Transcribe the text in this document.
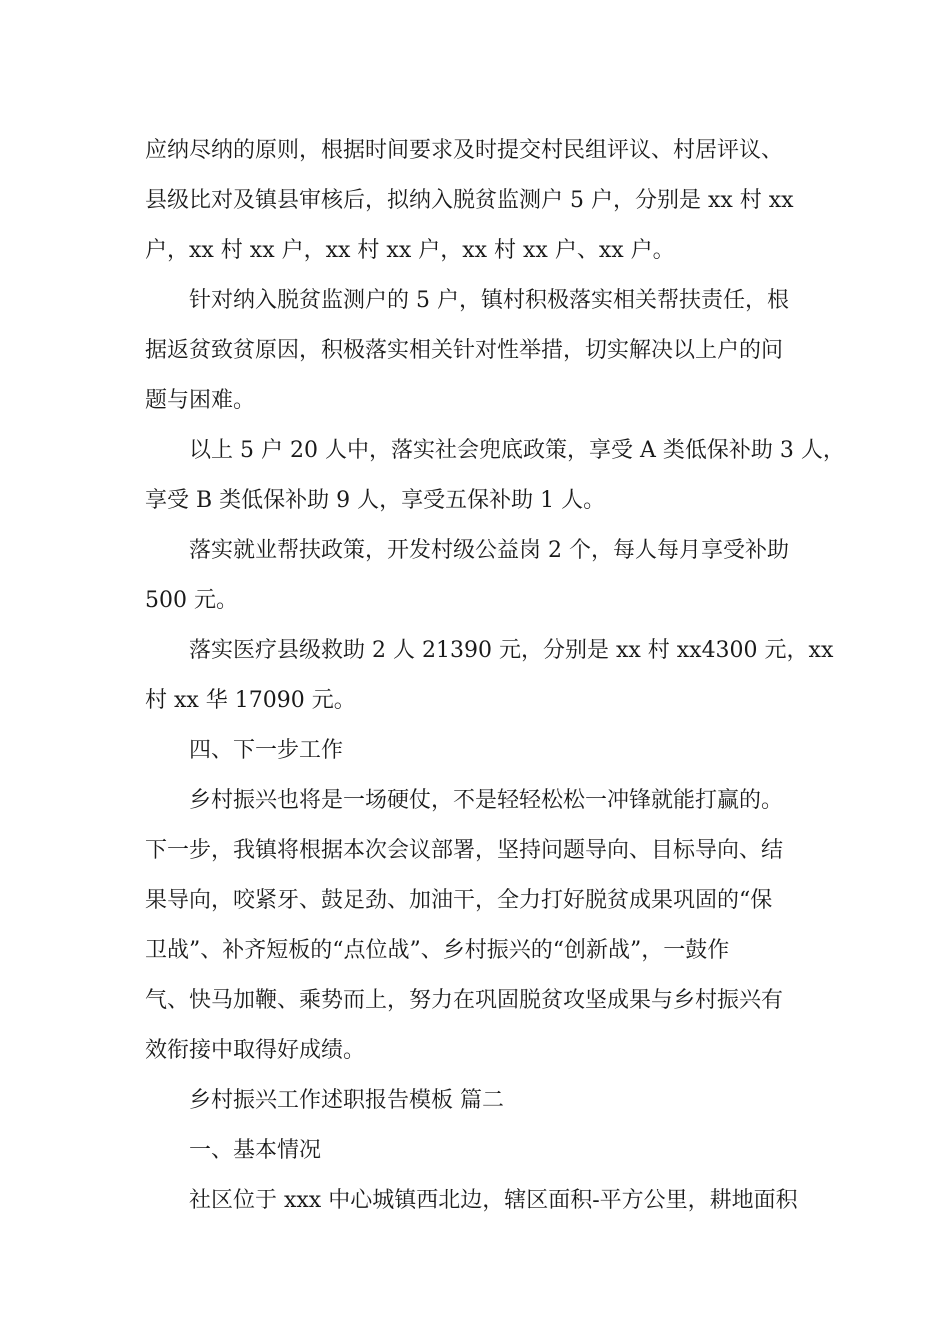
应纳尽纳的原则，根据时间要求及时提交村民组评议、村居评议、
县级比对及镇县审核后，拟纳入脱贫监测户 5 户，分别是 xx 村 xx
户，xx 村 xx 户，xx 村 xx 户，xx 村 xx 户、xx 户。

针对纳入脱贫监测户的 5 户，镇村积极落实相关帮扶责任，根
据返贫致贫原因，积极落实相关针对性举措，切实解决以上户的问
题与困难。

以上 5 户 20 人中，落实社会兜底政策，享受 A 类低保补助 3 人，
享受 B 类低保补助 9 人，享受五保补助 1 人。

落实就业帮扶政策，开发村级公益岗 2 个，每人每月享受补助
500 元。

落实医疗县级救助 2 人 21390 元，分别是 xx 村 xx4300 元，xx
村 xx 华 17090 元。

四、下一步工作

乡村振兴也将是一场硬仗，不是轻轻松松一冲锋就能打赢的。
下一步，我镇将根据本次会议部署，坚持问题导向、目标导向、结
果导向，咬紧牙、鼓足劲、加油干，全力打好脱贫成果巩固的“保
卫战”、补齐短板的“点位战”、乡村振兴的“创新战”，一鼓作
气、快马加鞭、乘势而上，努力在巩固脱贫攻坚成果与乡村振兴有
效衔接中取得好成绩。

乡村振兴工作述职报告模板 篇二

一、基本情况

社区位于 xxx 中心城镇西北边，辖区面积-平方公里，耕地面积
